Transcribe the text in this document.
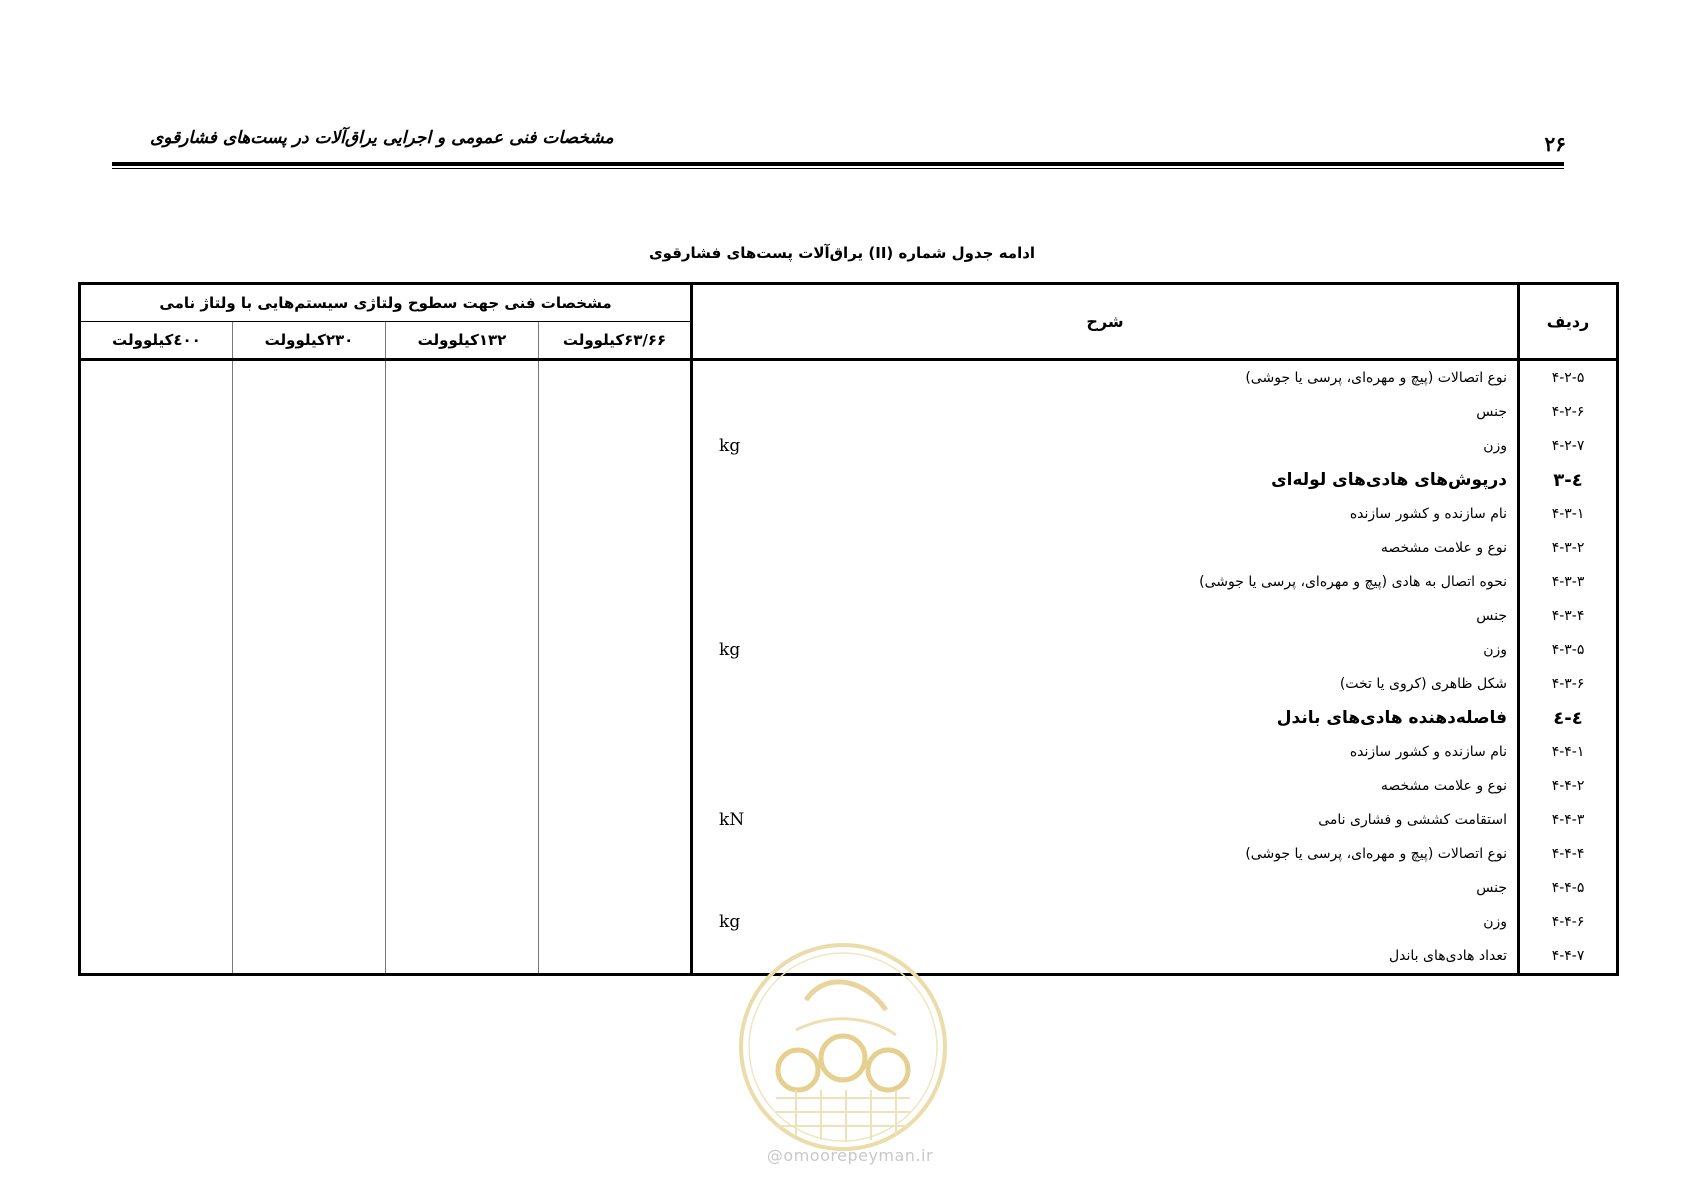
مشخصات فنی عمومی و اجرایی یراق‌آلات در پست‌های فشارقوی	۲۶
ادامه جدول شماره (II) یراق‌آلات پست‌های فشارقوی
مشخصات فنی جهت سطوح ولتاژی سیستم‌هایی با ولتاژ نامی				شرح	ردیف
٤۰۰کیلوولت	۲۳۰کیلوولت	۱۳۲کیلوولت	۶۳/۶۶کیلوولت		

				نوع اتصالات (پیچ و مهره‌ای، پرسی یا جوشی)	۴-۲-۵

				جنس	۴-۲-۶

				kg وزن	۴-۲-۷

				درپوش‌های هادی‌های لوله‌ای	٤-۳

				نام سازنده و کشور سازنده	۴-۳-۱

				نوع و علامت مشخصه	۴-۳-۲

				نحوه اتصال به هادی (پیچ و مهره‌ای، پرسی یا جوشی)	۴-۳-۳

				جنس	۴-۳-۴

				kg وزن	۴-۳-۵

				شکل ظاهری (کروی یا تخت)	۴-۳-۶

				فاصله‌دهنده هادی‌های باندل	٤-٤

				نام سازنده و کشور سازنده	۴-۴-۱

				نوع و علامت مشخصه	۴-۴-۲

				kN استقامت کششی و فشاری نامی	۴-۴-۳

				نوع اتصالات (پیچ و مهره‌ای، پرسی یا جوشی)	۴-۴-۴

				جنس	۴-۴-۵

				kg وزن	۴-۴-۶

				تعداد هادی‌های باندل	۴-۴-۷
@omoorepeyman.ir
